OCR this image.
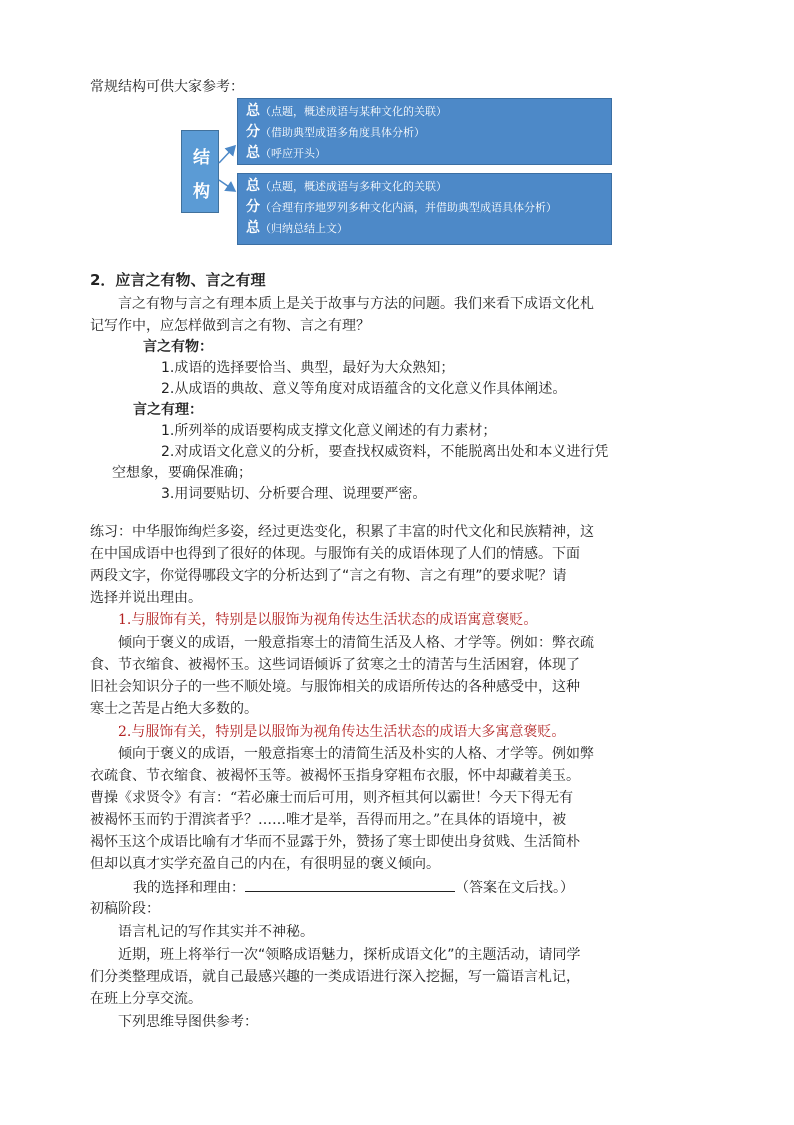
常规结构可供大家参考：
结
构
总（点题，概述成语与某种文化的关联）
分（借助典型成语多角度具体分析）
总（呼应开头）
总（点题，概述成语与多种文化的关联）
分（合理有序地罗列多种文化内涵，并借助典型成语具体分析）
总（归纳总结上文）
2．应言之有物、言之有理
言之有物与言之有理本质上是关于故事与方法的问题。我们来看下成语文化札
记写作中，应怎样做到言之有物、言之有理？
言之有物：
1.成语的选择要恰当、典型，最好为大众熟知；
2.从成语的典故、意义等角度对成语蕴含的文化意义作具体阐述。
言之有理：
1.所列举的成语要构成支撑文化意义阐述的有力素材；
2.对成语文化意义的分析，要查找权威资料，不能脱离出处和本义进行凭
空想象，要确保准确；
3.用词要贴切、分析要合理、说理要严密。
练习：中华服饰绚烂多姿，经过更迭变化，积累了丰富的时代文化和民族精神，这
在中国成语中也得到了很好的体现。与服饰有关的成语体现了人们的情感。下面
两段文字，你觉得哪段文字的分析达到了“言之有物、言之有理”的要求呢？请
选择并说出理由。
1.与服饰有关，特别是以服饰为视角传达生活状态的成语寓意褒贬。
倾向于褒义的成语，一般意指寒士的清简生活及人格、才学等。例如：弊衣疏
食、节衣缩食、被褐怀玉。这些词语倾诉了贫寒之士的清苦与生活困窘，体现了
旧社会知识分子的一些不顺处境。与服饰相关的成语所传达的各种感受中，这种
寒士之苦是占绝大多数的。
2.与服饰有关，特别是以服饰为视角传达生活状态的成语大多寓意褒贬。
倾向于褒义的成语，一般意指寒士的清简生活及朴实的人格、才学等。例如弊
衣疏食、节衣缩食、被褐怀玉等。被褐怀玉指身穿粗布衣服，怀中却藏着美玉。
曹操《求贤令》有言：“若必廉士而后可用，则齐桓其何以霸世！今天下得无有
被褐怀玉而钓于渭滨者乎？……唯才是举，吾得而用之。”在具体的语境中，被
褐怀玉这个成语比喻有才华而不显露于外，赞扬了寒士即使出身贫贱、生活简朴
但却以真才实学充盈自己的内在，有很明显的褒义倾向。
我的选择和理由：	（答案在文后找。）
初稿阶段：
语言札记的写作其实并不神秘。
近期，班上将举行一次“领略成语魅力，探析成语文化”的主题活动，请同学
们分类整理成语，就自己最感兴趣的一类成语进行深入挖掘，写一篇语言札记，
在班上分享交流。
下列思维导图供参考：
